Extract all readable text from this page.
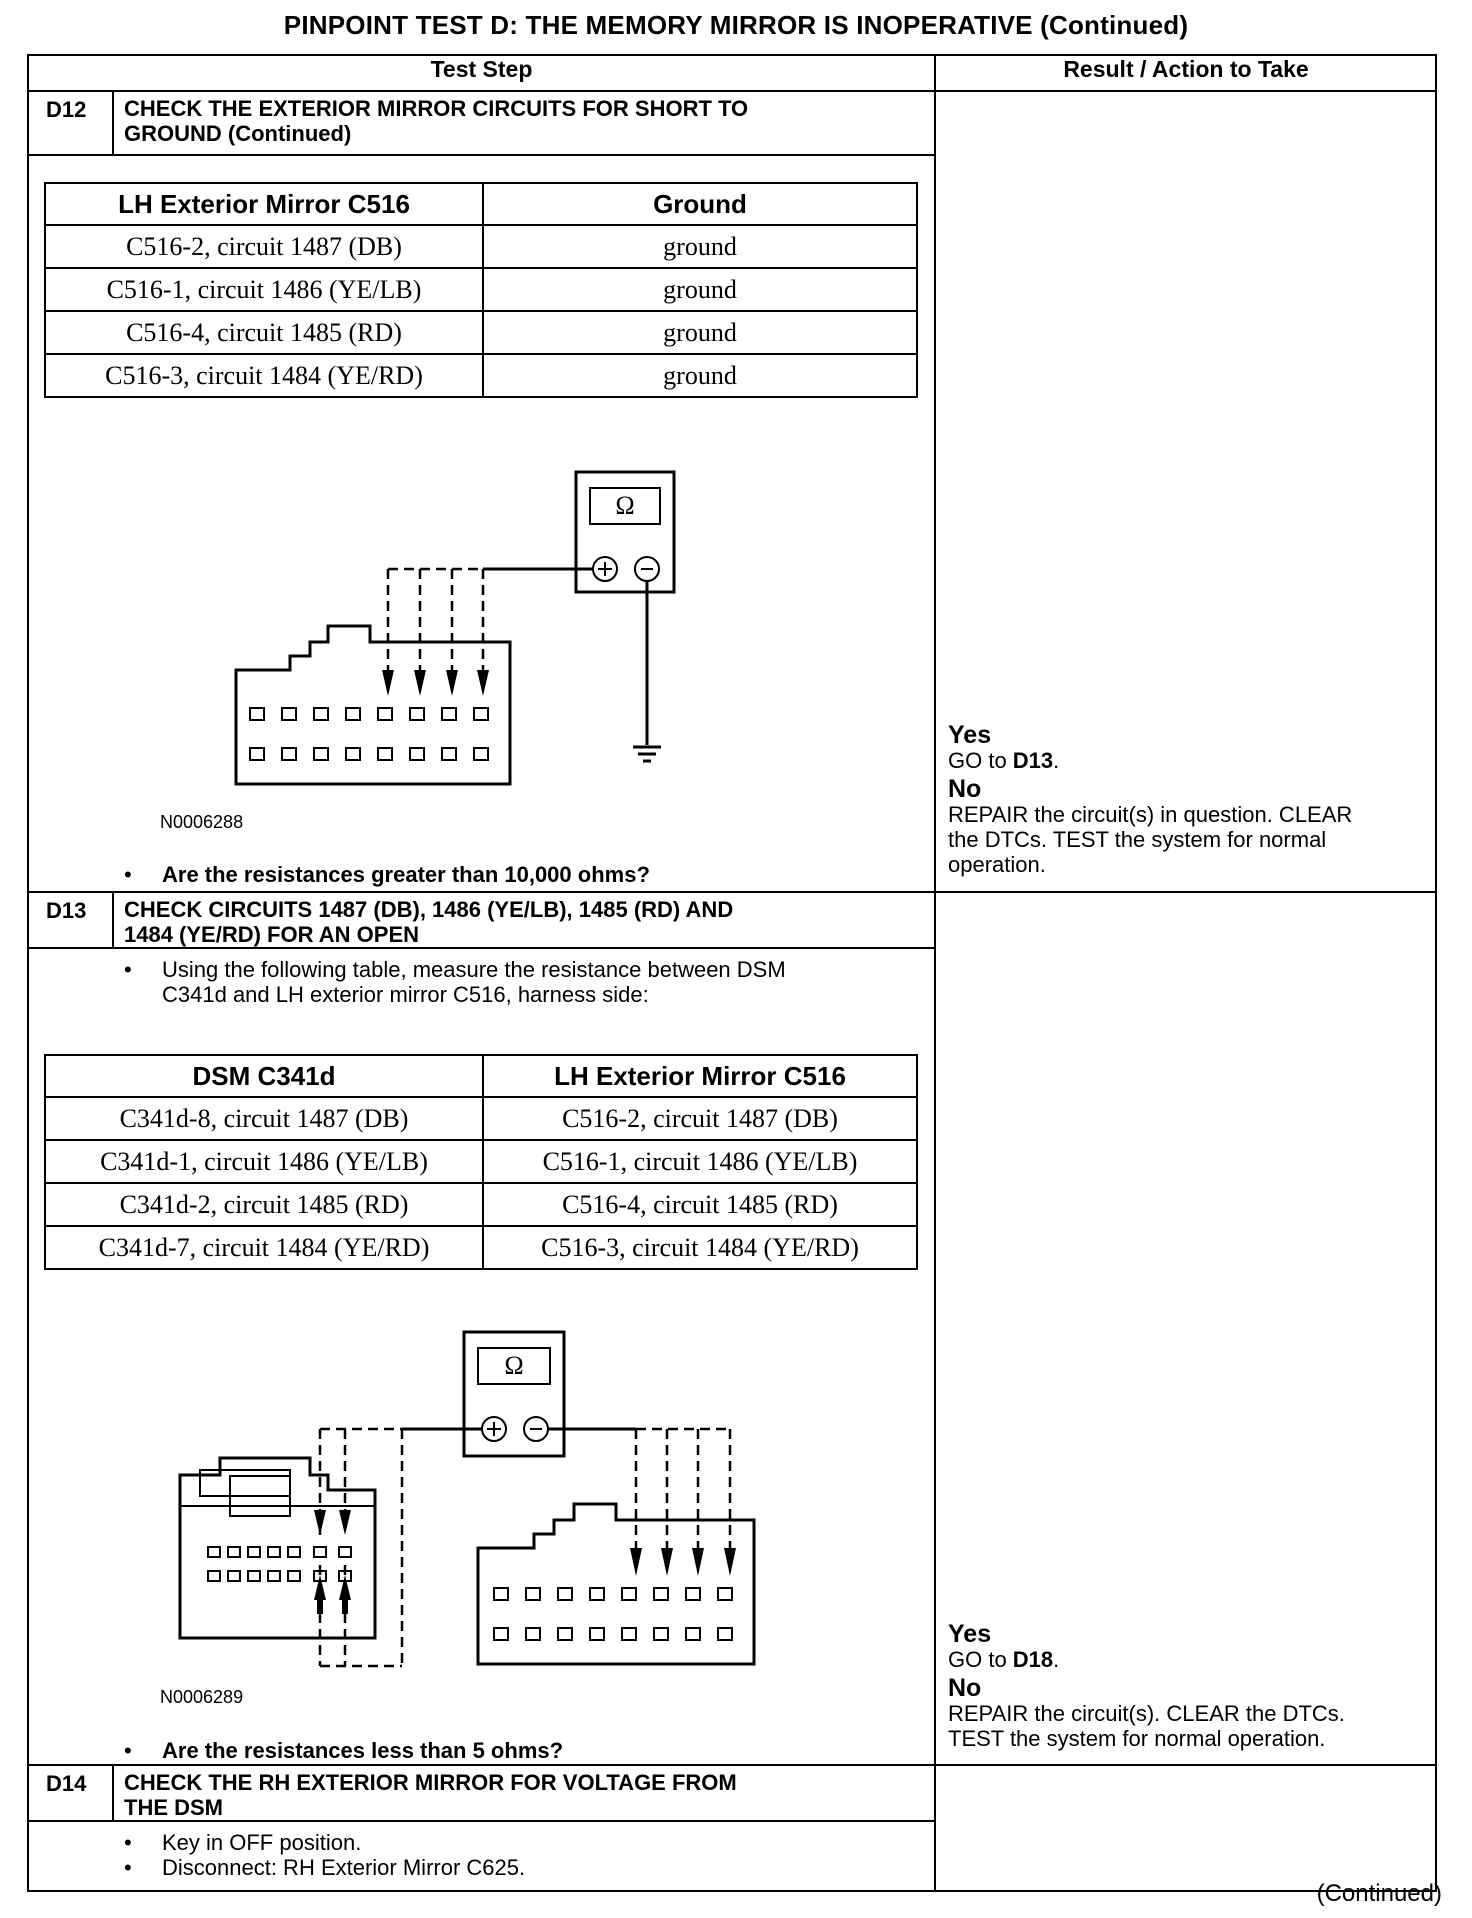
PINPOINT TEST D: THE MEMORY MIRROR IS INOPERATIVE (Continued)
Test Step	Result / Action to Take
D12 CHECK THE EXTERIOR MIRROR CIRCUITS FOR SHORT TO
GROUND (Continued)
LH Exterior Mirror C516	Ground
C516-2, circuit 1487 (DB)	ground
C516-1, circuit 1486 (YE/LB)	ground
C516-4, circuit 1485 (RD)	ground
C516-3, circuit 1484 (YE/RD)	ground
Ω
N0006288
• Are the resistances greater than 10,000 ohms?
Yes
GO to D13.
No
REPAIR the circuit(s) in question. CLEAR
the DTCs. TEST the system for normal
operation.
D13 CHECK CIRCUITS 1487 (DB), 1486 (YE/LB), 1485 (RD) AND
1484 (YE/RD) FOR AN OPEN
• Using the following table, measure the resistance between DSM
C341d and LH exterior mirror C516, harness side:
DSM C341d	LH Exterior Mirror C516
C341d-8, circuit 1487 (DB)	C516-2, circuit 1487 (DB)
C341d-1, circuit 1486 (YE/LB)	C516-1, circuit 1486 (YE/LB)
C341d-2, circuit 1485 (RD)	C516-4, circuit 1485 (RD)
C341d-7, circuit 1484 (YE/RD)	C516-3, circuit 1484 (YE/RD)
Ω
N0006289
• Are the resistances less than 5 ohms?
Yes
GO to D18.
No
REPAIR the circuit(s). CLEAR the DTCs.
TEST the system for normal operation.
D14 CHECK THE RH EXTERIOR MIRROR FOR VOLTAGE FROM
THE DSM
• Key in OFF position.
• Disconnect: RH Exterior Mirror C625.
(Continued)
